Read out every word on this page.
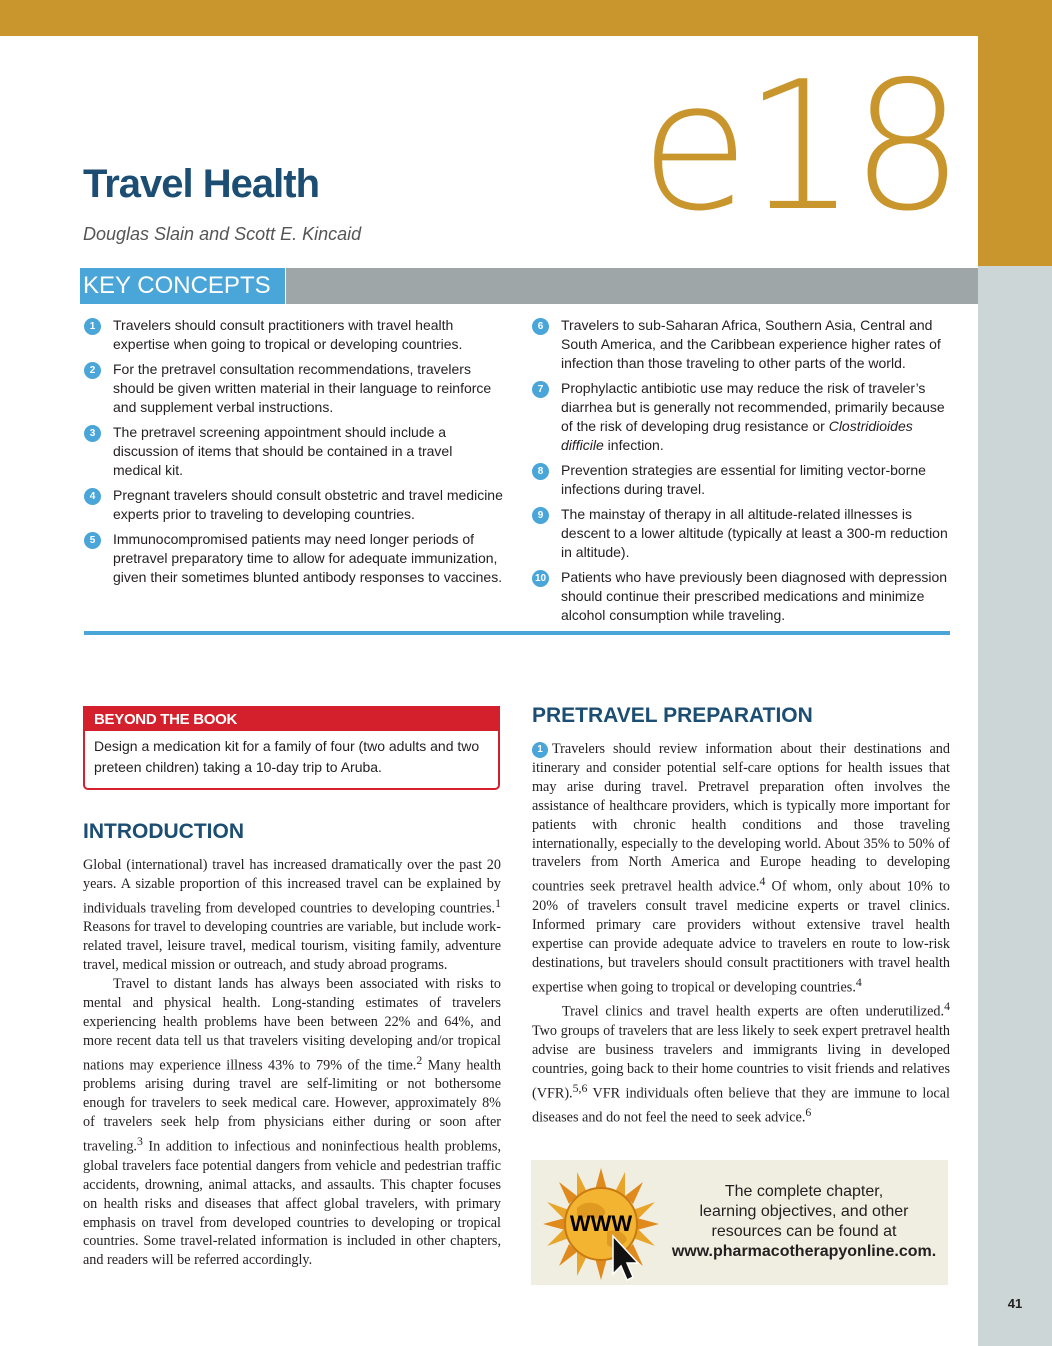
e18
Travel Health
Douglas Slain and Scott E. Kincaid
KEY CONCEPTS
1	Travelers should consult practitioners with travel health expertise when going to tropical or developing countries.
2	For the pretravel consultation recommendations, travelers should be given written material in their language to reinforce and supplement verbal instructions.
3	The pretravel screening appointment should include a discussion of items that should be contained in a travel medical kit.
4	Pregnant travelers should consult obstetric and travel medicine experts prior to traveling to developing countries.
5	Immunocompromised patients may need longer periods of pretravel preparatory time to allow for adequate immunization, given their sometimes blunted antibody responses to vaccines.
6	Travelers to sub-Saharan Africa, Southern Asia, Central and South America, and the Caribbean experience higher rates of infection than those traveling to other parts of the world.
7	Prophylactic antibiotic use may reduce the risk of traveler’s diarrhea but is generally not recommended, primarily because of the risk of developing drug resistance or Clostridioides difficile infection.
8	Prevention strategies are essential for limiting vector-borne infections during travel.
9	The mainstay of therapy in all altitude-related illnesses is descent to a lower altitude (typically at least a 300-m reduction in altitude).
10 Patients who have previously been diagnosed with depression should continue their prescribed medications and minimize alcohol consumption while traveling.
BEYOND THE BOOK
Design a medication kit for a family of four (two adults and two preteen children) taking a 10-day trip to Aruba.
INTRODUCTION

Global (international) travel has increased dramatically over the past 20 years. A sizable proportion of this increased travel can be explained by individuals traveling from developed countries to developing countries.$^1$ Reasons for travel to developing countries are variable, but include work-related travel, leisure travel, medical tourism, visiting family, adventure travel, medical mission or outreach, and study abroad programs.

Travel to distant lands has always been associated with risks to mental and physical health. Long-standing estimates of travelers experiencing health problems have been between 22% and 64%, and more recent data tell us that travelers visiting developing and/or tropical nations may experience illness 43% to 79% of the time.$^2$ Many health problems arising during travel are self-limiting or not bothersome enough for travelers to seek medical care. However, approximately 8% of travelers seek help from physicians either during or soon after traveling.$^3$ In addition to infectious and noninfectious health problems, global travelers face potential dangers from vehicle and pedestrian traffic accidents, drowning, animal attacks, and assaults. This chapter focuses on health risks and diseases that affect global travelers, with primary emphasis on travel from developed countries to developing or tropical countries. Some travel-related information is included in other chapters, and readers will be referred accordingly.

PRETRAVEL PREPARATION

1 Travelers should review information about their destinations and itinerary and consider potential self-care options for health issues that may arise during travel. Pretravel preparation often involves the assistance of healthcare providers, which is typically more important for patients with chronic health conditions and those traveling internationally, especially to the developing world. About 35% to 50% of travelers from North America and Europe heading to developing countries seek pretravel health advice.$^4$ Of whom, only about 10% to 20% of travelers consult travel medicine experts or travel clinics. Informed primary care providers without extensive travel health expertise can provide adequate advice to travelers en route to low-risk destinations, but travelers should consult practitioners with travel health expertise when going to tropical or developing countries.$^4$

Travel clinics and travel health experts are often underutilized.$^4$ Two groups of travelers that are less likely to seek expert pretravel health advise are business travelers and immigrants living in developed countries, going back to their home countries to visit friends and relatives (VFR).$^{5,6}$ VFR individuals often believe that they are immune to local diseases and do not feel the need to seek advice.$^6$

WWW
The complete chapter,
learning objectives, and other
resources can be found at
www.pharmacotherapyonline.com.
41
